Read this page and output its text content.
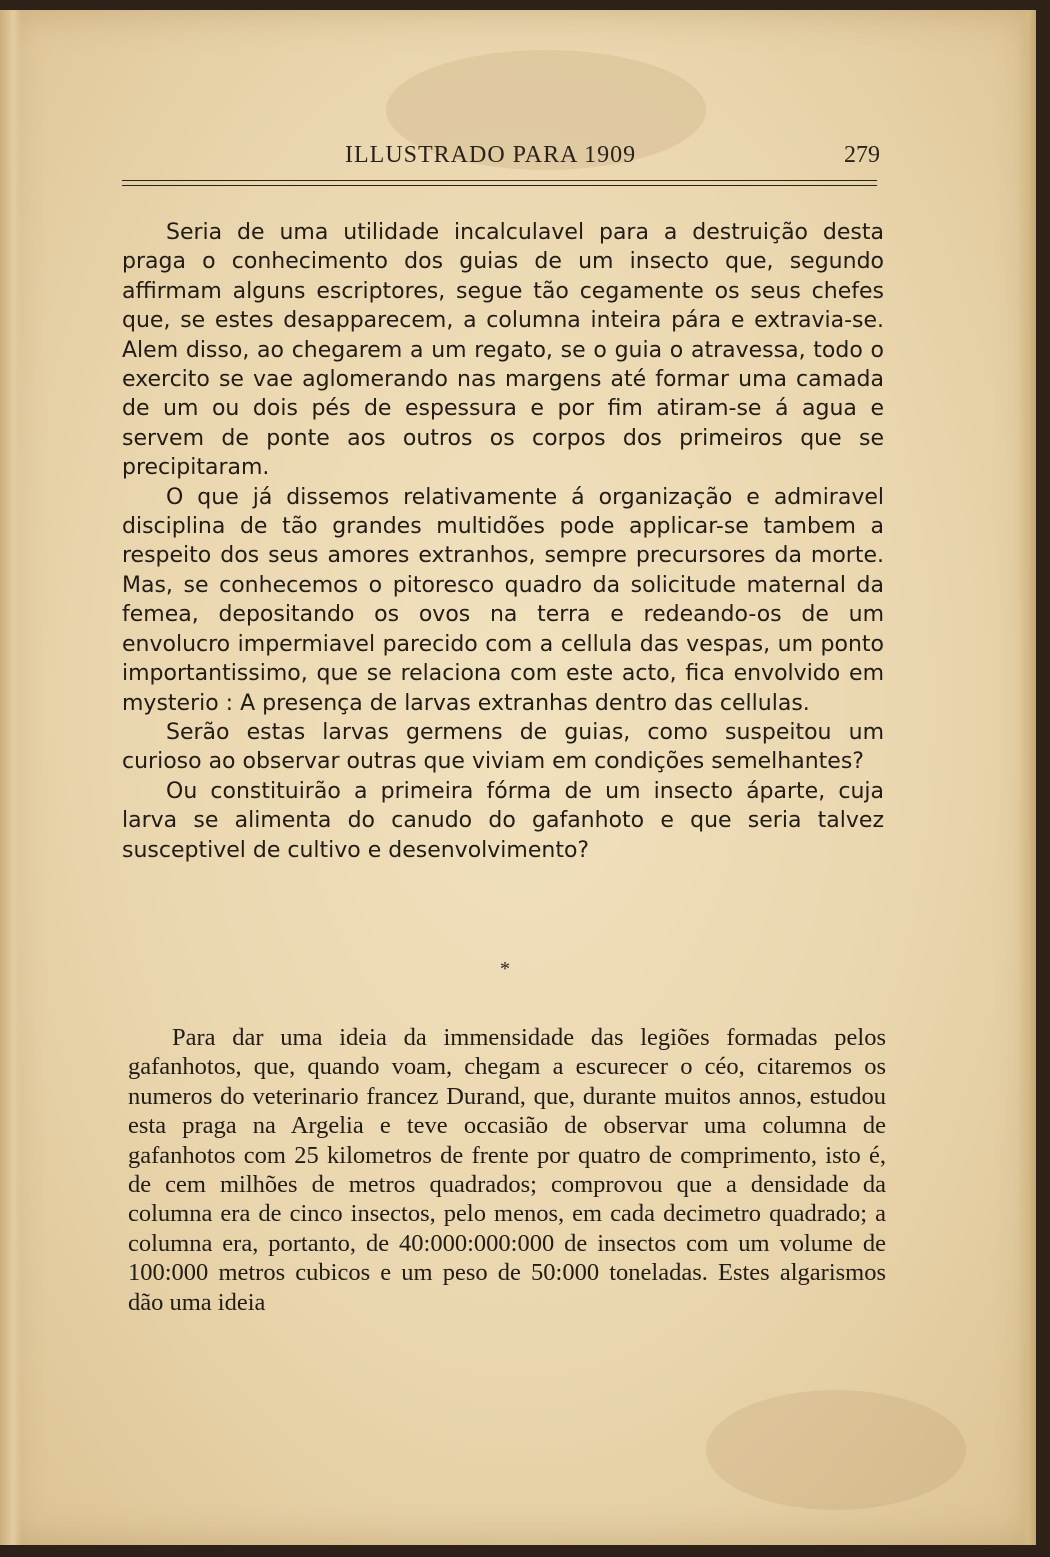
ILLUSTRADO PARA 1909	279

Seria de uma utilidade incalculavel para a destruição desta praga o conhecimento dos guias de um insecto que, segundo affirmam alguns escriptores, segue tão cegamente os seus chefes que, se estes desapparecem, a columna inteira pára e extravia-se. Alem disso, ao chegarem a um regato, se o guia o atravessa, todo o exercito se vae aglomerando nas margens até formar uma camada de um ou dois pés de espessura e por fim atiram-se á agua e servem de ponte aos outros os corpos dos primeiros que se precipitaram.

O que já dissemos relativamente á organização e admiravel disciplina de tão grandes multidões pode applicar-se tambem a respeito dos seus amores extranhos, sempre precursores da morte. Mas, se conhecemos o pitoresco quadro da solicitude maternal da femea, depositando os ovos na terra e redeando-os de um envolucro impermiavel parecido com a cellula das vespas, um ponto importantissimo, que se relaciona com este acto, fica envolvido em mysterio : A presença de larvas extranhas dentro das cellulas.

Serão estas larvas germens de guias, como suspeitou um curioso ao observar outras que viviam em condições semelhantes?

Ou constituirão a primeira fórma de um insecto áparte, cuja larva se alimenta do canudo do gafanhoto e que seria talvez susceptivel de cultivo e desenvolvimento?

*

Para dar uma ideia da immensidade das legiões formadas pelos gafanhotos, que, quando voam, chegam a escurecer o céo, citaremos os numeros do veterinario francez Durand, que, durante muitos annos, estudou esta praga na Argelia e teve occasião de observar uma columna de gafanhotos com 25 kilometros de frente por quatro de comprimento, isto é, de cem milhões de metros quadrados; comprovou que a densidade da columna era de cinco insectos, pelo menos, em cada decimetro quadrado; a columna era, portanto, de 40:000:000:000 de insectos com um volume de 100:000 metros cubicos e um peso de 50:000 toneladas. Estes algarismos dão uma ideia
